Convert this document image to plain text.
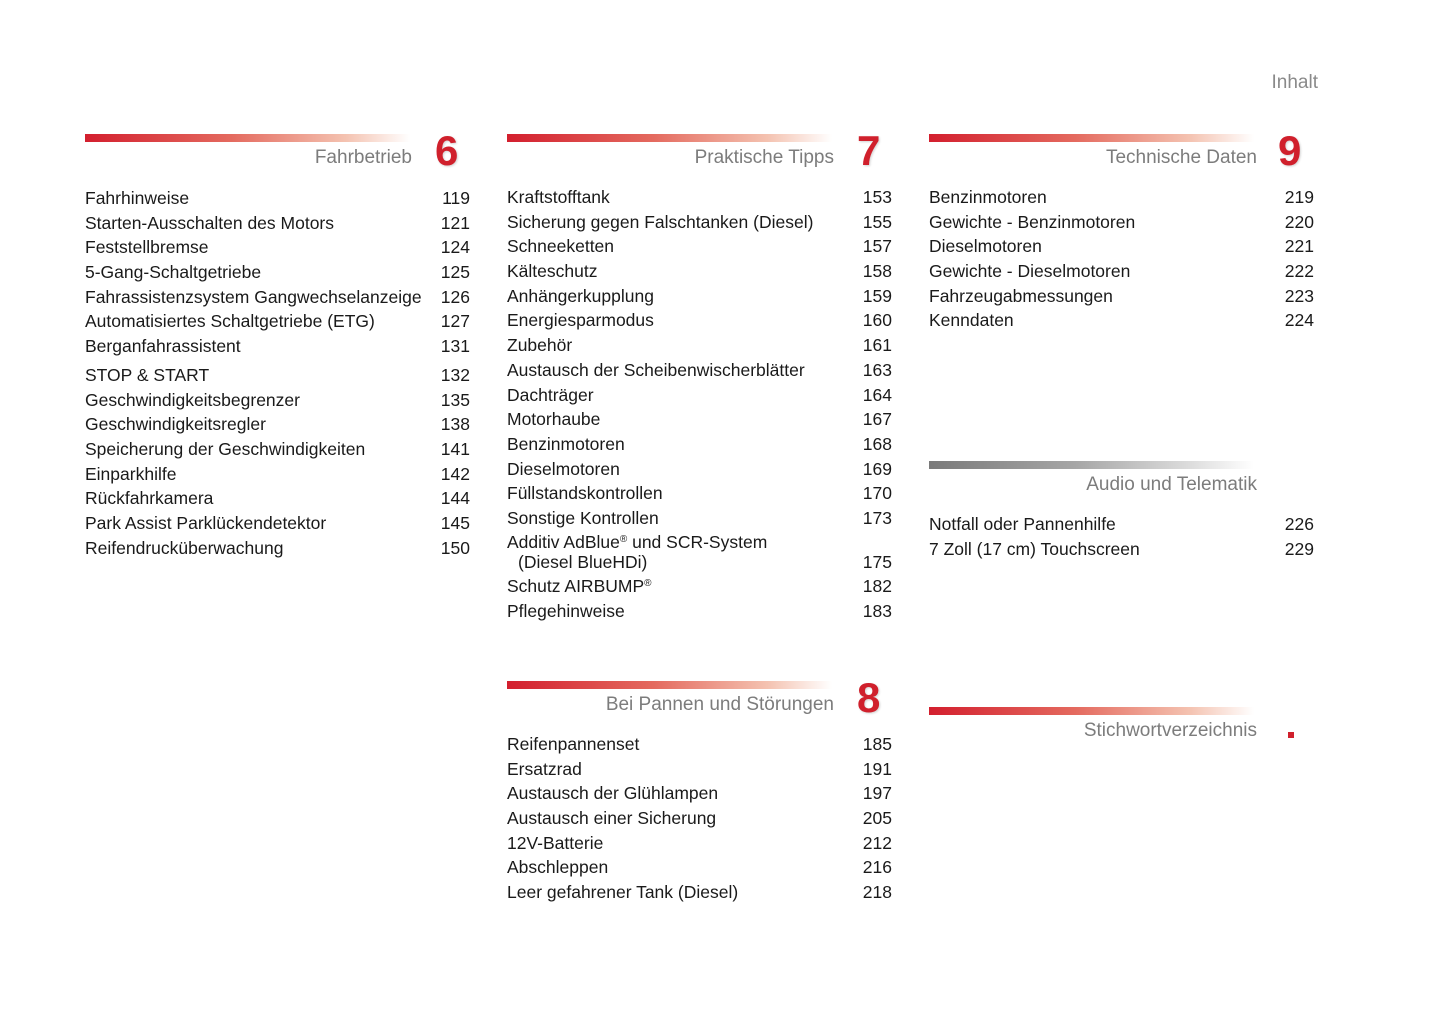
Inhalt
Fahrbetrieb 6
Fahrhinweise	119
Starten-Ausschalten des Motors	121
Feststellbremse	124
5-Gang-Schaltgetriebe	125
Fahrassistenzsystem Gangwechselanzeige 126
Automatisiertes Schaltgetriebe (ETG)	127
Berganfahrassistent	131
STOP & START	132
Geschwindigkeitsbegrenzer	135
Geschwindigkeitsregler	138
Speicherung der Geschwindigkeiten	141
Einparkhilfe	142
Rückfahrkamera	144
Park Assist Parklückendetektor	145
Reifendrucküberwachung	150
Praktische Tipps 7
Kraftstofftank	153
Sicherung gegen Falschtanken (Diesel)	155
Schneeketten	157
Kälteschutz	158
Anhängerkupplung	159
Energiesparmodus	160
Zubehör	161
Austausch der Scheibenwischerblätter	163
Dachträger	164
Motorhaube	167
Benzinmotoren	168
Dieselmotoren	169
Füllstandskontrollen	170
Sonstige Kontrollen	173
Additiv AdBlue® und SCR-System
(Diesel BlueHDi)	175
Schutz AIRBUMP®	182
Pflegehinweise	183
Bei Pannen und Störungen 8
Reifenpannenset	185
Ersatzrad	191
Austausch der Glühlampen	197
Austausch einer Sicherung	205
12V-Batterie	212
Abschleppen	216
Leer gefahrener Tank (Diesel)	218
Technische Daten 9
Benzinmotoren	219
Gewichte - Benzinmotoren	220
Dieselmotoren	221
Gewichte - Dieselmotoren	222
Fahrzeugabmessungen	223
Kenndaten	224
Audio und Telematik
Notfall oder Pannenhilfe	226
7 Zoll (17 cm) Touchscreen	229
Stichwortverzeichnis
